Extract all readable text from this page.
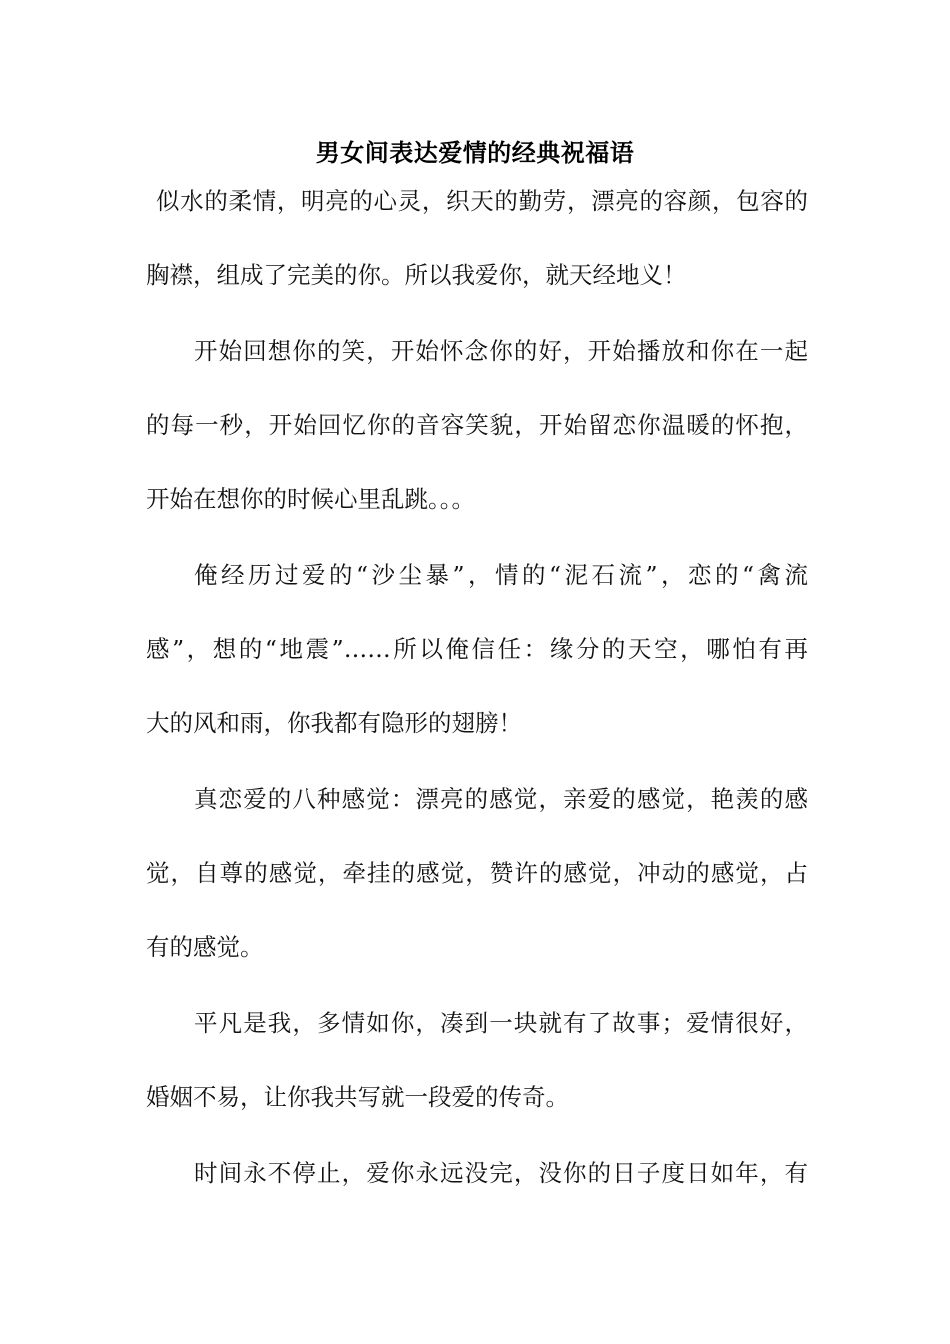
男女间表达爱情的经典祝福语
似水的柔情，明亮的心灵，织天的勤劳，漂亮的容颜，包容的
胸襟，组成了完美的你。所以我爱你，就天经地义！
开始回想你的笑，开始怀念你的好，开始播放和你在一起
的每一秒，开始回忆你的音容笑貌，开始留恋你温暖的怀抱，
开始在想你的时候心里乱跳。。。
俺经历过爱的“沙尘暴”，情的“泥石流”，恋的“禽流
感”，想的“地震”……所以俺信任：缘分的天空，哪怕有再
大的风和雨，你我都有隐形的翅膀！
真恋爱的八种感觉：漂亮的感觉，亲爱的感觉，艳羡的感
觉，自尊的感觉，牵挂的感觉，赞许的感觉，冲动的感觉，占
有的感觉。
平凡是我，多情如你，凑到一块就有了故事；爱情很好，
婚姻不易，让你我共写就一段爱的传奇。
时间永不停止，爱你永远没完，没你的日子度日如年，有
